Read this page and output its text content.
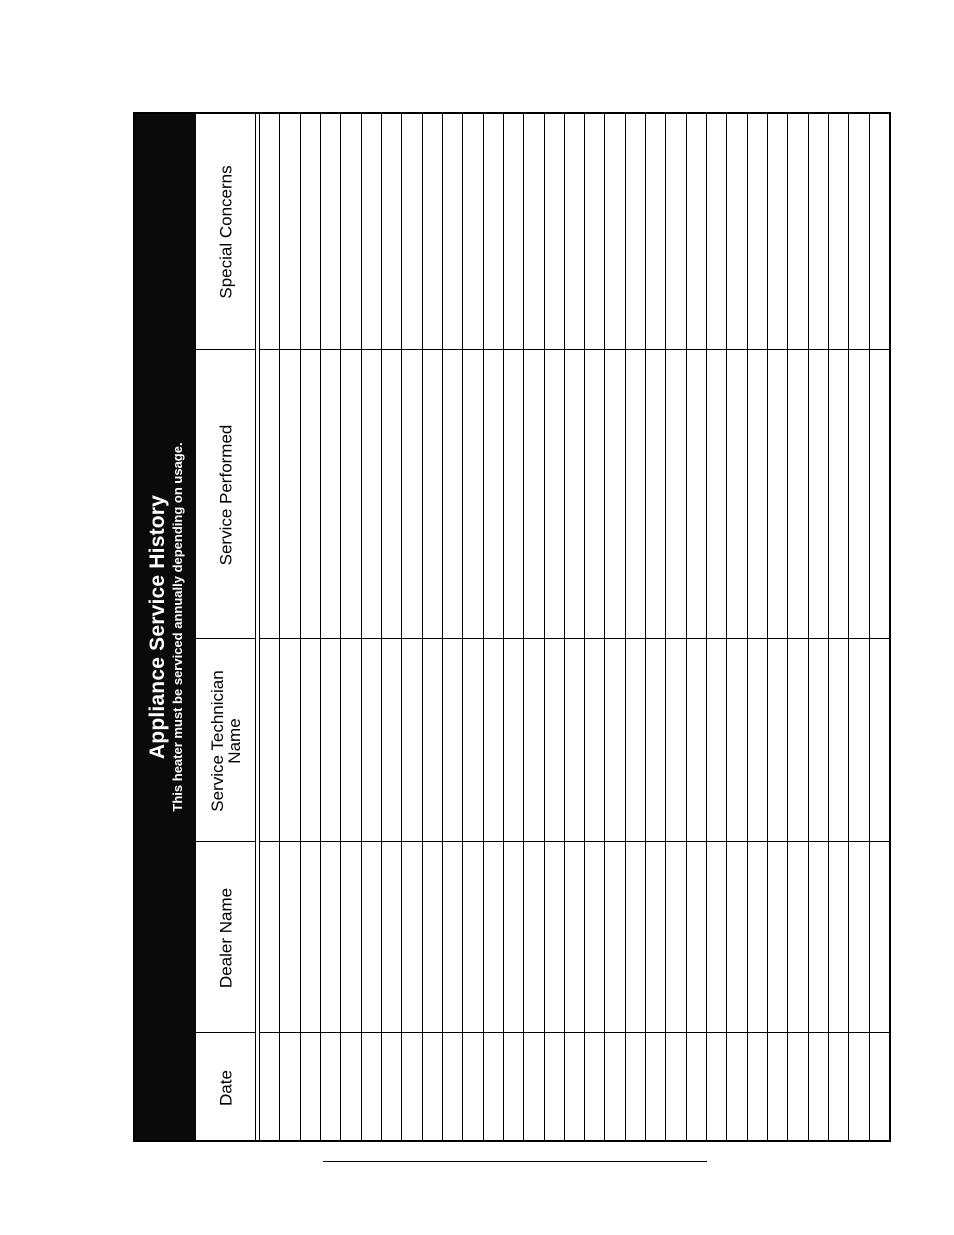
Appliance Service History This heater must be serviced annually depending on usage.
Special Concerns
Service Performed
Service Technician Name
Dealer Name
Date
